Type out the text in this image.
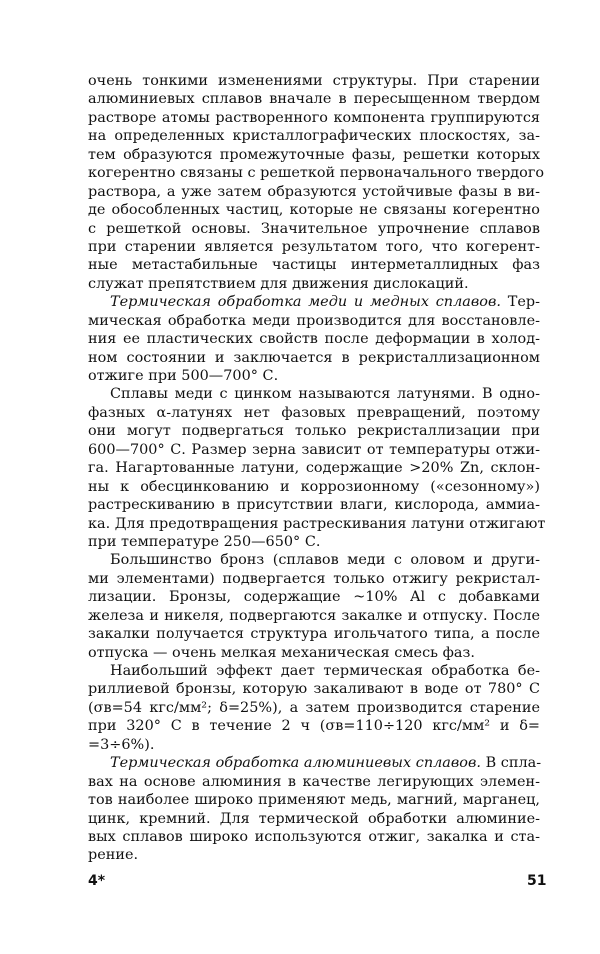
очень тонкими изменениями структуры. При старении
алюминиевых сплавов вначале в пересыщенном твердом
растворе атомы растворенного компонента группируются
на определенных кристаллографических плоскостях, за-
тем образуются промежуточные фазы, решетки которых
когерентно связаны с решеткой первоначального твердого
раствора, а уже затем образуются устойчивые фазы в ви-
де обособленных частиц, которые не связаны когерентно
с решеткой основы. Значительное упрочнение сплавов
при старении является результатом того, что когерент-
ные метастабильные частицы интерметаллидных фаз
служат препятствием для движения дислокаций.
Термическая обработка меди и медных сплавов. Тер-
мическая обработка меди производится для восстановле-
ния ее пластических свойств после деформации в холод-
ном состоянии и заключается в рекристаллизационном
отжиге при 500—700° С.
Сплавы меди с цинком называются латунями. В одно-
фазных α-латунях нет фазовых превращений, поэтому
они могут подвергаться только рекристаллизации при
600—700° С. Размер зерна зависит от температуры отжи-
га. Нагартованные латуни, содержащие >20% Zn, склон-
ны к обесцинкованию и коррозионному («сезонному»)
растрескиванию в присутствии влаги, кислорода, аммиа-
ка. Для предотвращения растрескивания латуни отжигают
при температуре 250—650° С.
Большинство бронз (сплавов меди с оловом и други-
ми элементами) подвергается только отжигу рекристал-
лизации. Бронзы, содержащие ~10% Al с добавками
железа и никеля, подвергаются закалке и отпуску. После
закалки получается структура игольчатого типа, а после
отпуска — очень мелкая механическая смесь фаз.
Наибольший эффект дает термическая обработка бе-
риллиевой бронзы, которую закаливают в воде от 780° С
(σв=54 кгс/мм²; δ=25%), а затем производится старение
при 320° С в течение 2 ч (σв=110÷120 кгс/мм² и δ=
=3÷6%).
Термическая обработка алюминиевых сплавов. В спла-
вах на основе алюминия в качестве легирующих элемен-
тов наиболее широко применяют медь, магний, марганец,
цинк, кремний. Для термической обработки алюминие-
вых сплавов широко используются отжиг, закалка и ста-
рение.
4*	51
